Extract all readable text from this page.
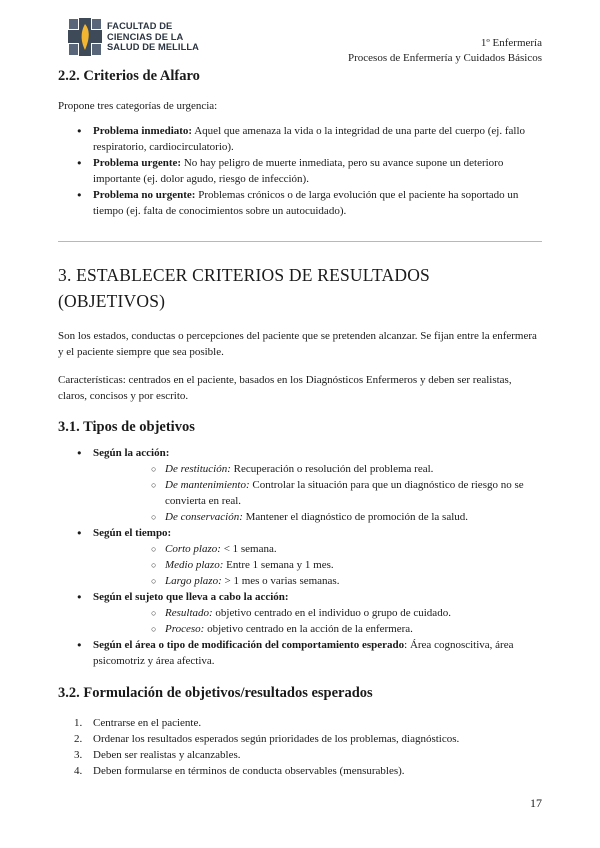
FACULTAD DE
CIENCIAS DE LA
SALUD DE MELILLA	1º Enfermería
Procesos de Enfermería y Cuidados Básicos
2.2. Criterios de Alfaro

Propone tres categorías de urgencia:

● Problema inmediato: Aquel que amenaza la vida o la integridad de una parte del cuerpo (ej. fallo respiratorio, cardiocirculatorio).
● Problema urgente: No hay peligro de muerte inmediata, pero su avance supone un deterioro importante (ej. dolor agudo, riesgo de infección).
● Problema no urgente: Problemas crónicos o de larga evolución que el paciente ha soportado un tiempo (ej. falta de conocimientos sobre un autocuidado).
3. ESTABLECER CRITERIOS DE RESULTADOS
(OBJETIVOS)

Son los estados, conductas o percepciones del paciente que se pretenden alcanzar. Se fijan entre la enfermera y el paciente siempre que sea posible.

Características: centrados en el paciente, basados en los Diagnósticos Enfermeros y deben ser realistas, claros, concisos y por escrito.

3.1. Tipos de objetivos
● Según la acción:
○ De restitución: Recuperación o resolución del problema real.
○ De mantenimiento: Controlar la situación para que un diagnóstico de riesgo no se convierta en real.
○ De conservación: Mantener el diagnóstico de promoción de la salud.
● Según el tiempo:
○ Corto plazo: < 1 semana.
○ Medio plazo: Entre 1 semana y 1 mes.
○ Largo plazo: > 1 mes o varias semanas.
● Según el sujeto que lleva a cabo la acción:
○ Resultado: objetivo centrado en el individuo o grupo de cuidado.
○ Proceso: objetivo centrado en la acción de la enfermera.
● Según el área o tipo de modificación del comportamiento esperado: Área cognoscitiva, área psicomotriz y área afectiva.
3.2. Formulación de objetivos/resultados esperados
1. Centrarse en el paciente.
2. Ordenar los resultados esperados según prioridades de los problemas, diagnósticos.
3. Deben ser realistas y alcanzables.
4. Deben formularse en términos de conducta observables (mensurables).
17
